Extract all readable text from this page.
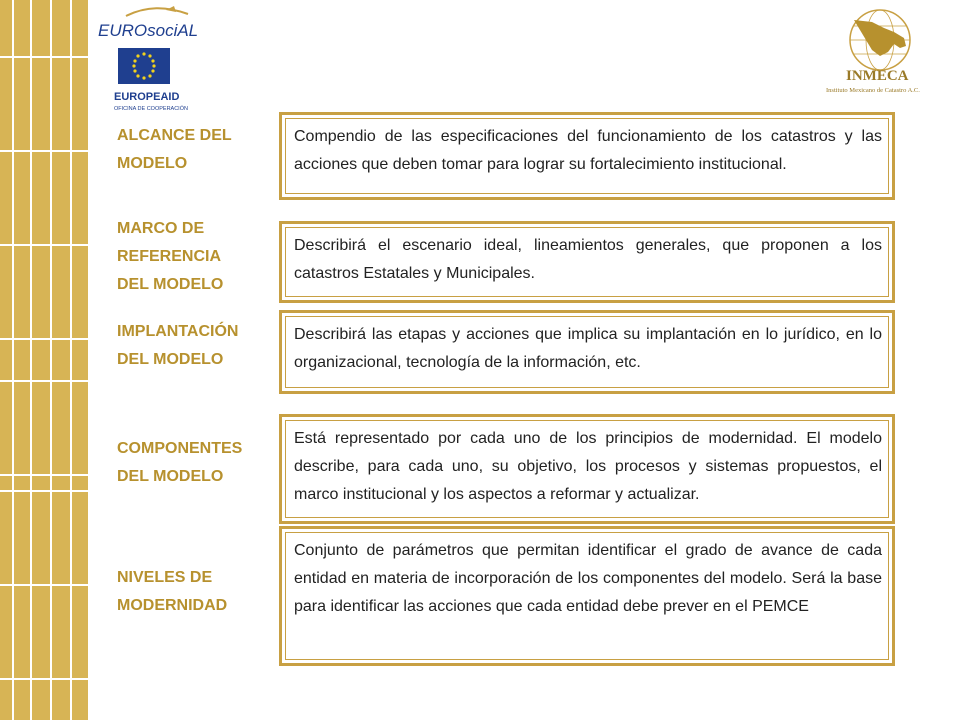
EUROsociAL
EUROPEAID
OFICINA DE COOPERACIÓN
INMECA
Instituto Mexicano de Catastro A.C.
ALCANCE DEL
MODELO
Compendio de las especificaciones del funcionamiento de los catastros y las acciones que deben tomar para lograr su fortalecimiento institucional.
MARCO DE
REFERENCIA
DEL MODELO
Describirá el escenario ideal, lineamientos generales, que proponen a los catastros Estatales y Municipales.
IMPLANTACIÓN
DEL MODELO
Describirá las etapas y acciones que implica su implantación en lo jurídico, en lo organizacional, tecnología de la información, etc.
COMPONENTES
DEL MODELO
Está representado por cada uno de los principios de modernidad. El modelo describe, para cada uno, su objetivo, los procesos y sistemas propuestos, el marco institucional y los aspectos a reformar y actualizar.
NIVELES DE
MODERNIDAD
Conjunto de parámetros que permitan identificar el grado de avance de cada entidad en materia de incorporación de los componentes del modelo. Será la base para identificar las acciones que cada entidad debe prever en el PEMCE
